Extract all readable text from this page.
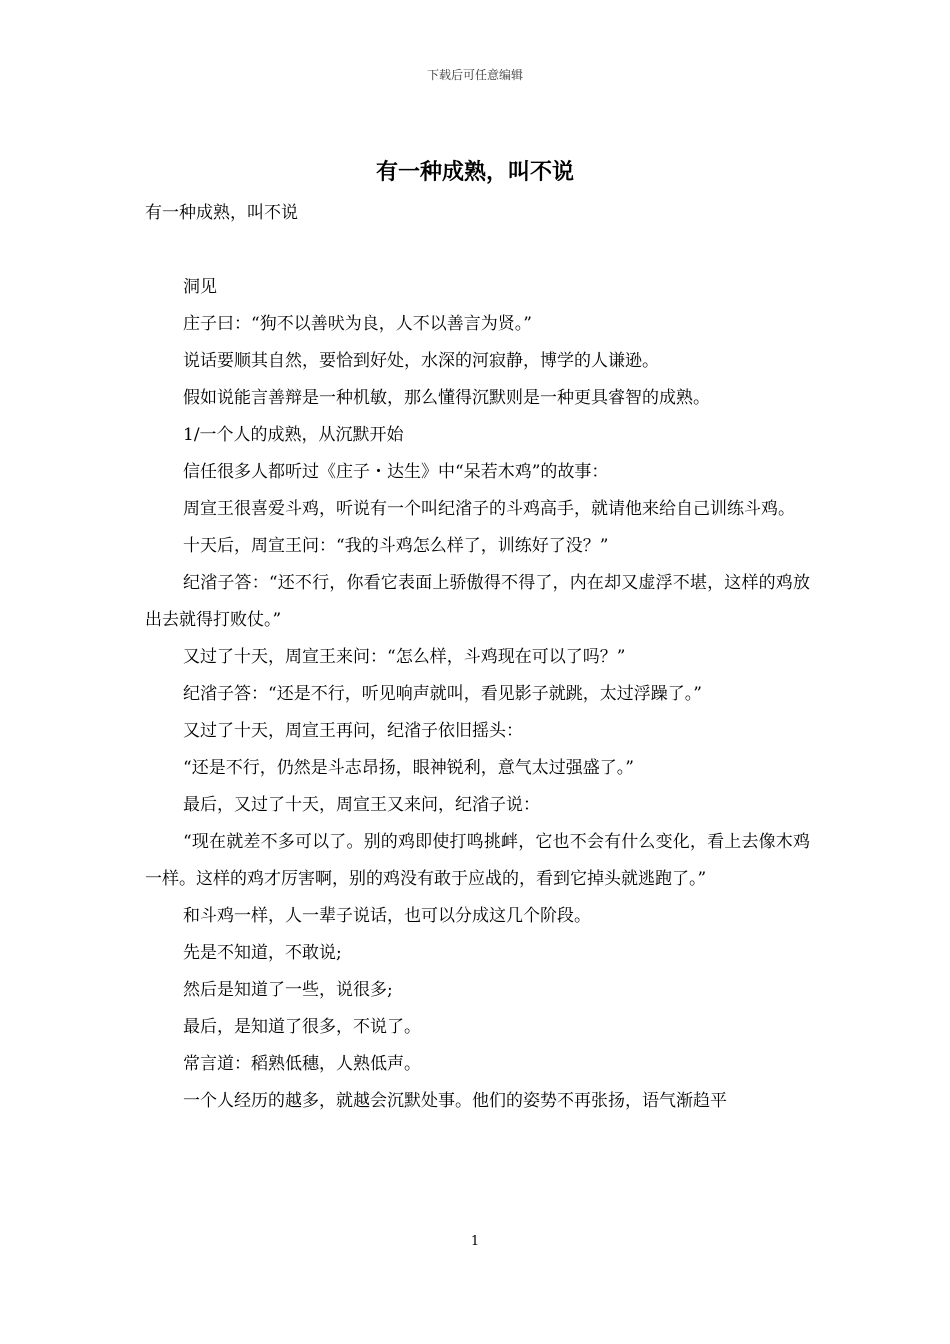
下载后可任意编辑
有一种成熟，叫不说

有一种成熟，叫不说

洞见

庄子曰：“狗不以善吠为良，人不以善言为贤。”

说话要顺其自然，要恰到好处，水深的河寂静，博学的人谦逊。

假如说能言善辩是一种机敏，那么懂得沉默则是一种更具睿智的成熟。

1/一个人的成熟，从沉默开始

信任很多人都听过《庄子・达生》中“呆若木鸡”的故事：

周宣王很喜爱斗鸡，听说有一个叫纪渻子的斗鸡高手，就请他来给自己训练斗鸡。

十天后，周宣王问：“我的斗鸡怎么样了，训练好了没？”

纪渻子答：“还不行，你看它表面上骄傲得不得了，内在却又虚浮不堪，这样的鸡放出去就得打败仗。”

又过了十天，周宣王来问：“怎么样，斗鸡现在可以了吗？”

纪渻子答：“还是不行，听见响声就叫，看见影子就跳，太过浮躁了。”

又过了十天，周宣王再问，纪渻子依旧摇头：

“还是不行，仍然是斗志昂扬，眼神锐利，意气太过强盛了。”

最后，又过了十天，周宣王又来问，纪渻子说：

“现在就差不多可以了。别的鸡即使打鸣挑衅，它也不会有什么变化，看上去像木鸡一样。这样的鸡才厉害啊，别的鸡没有敢于应战的，看到它掉头就逃跑了。”

和斗鸡一样，人一辈子说话，也可以分成这几个阶段。

先是不知道，不敢说;

然后是知道了一些，说很多;

最后，是知道了很多，不说了。

常言道：稻熟低穗，人熟低声。

一个人经历的越多，就越会沉默处事。他们的姿势不再张扬，语气渐趋平

1
